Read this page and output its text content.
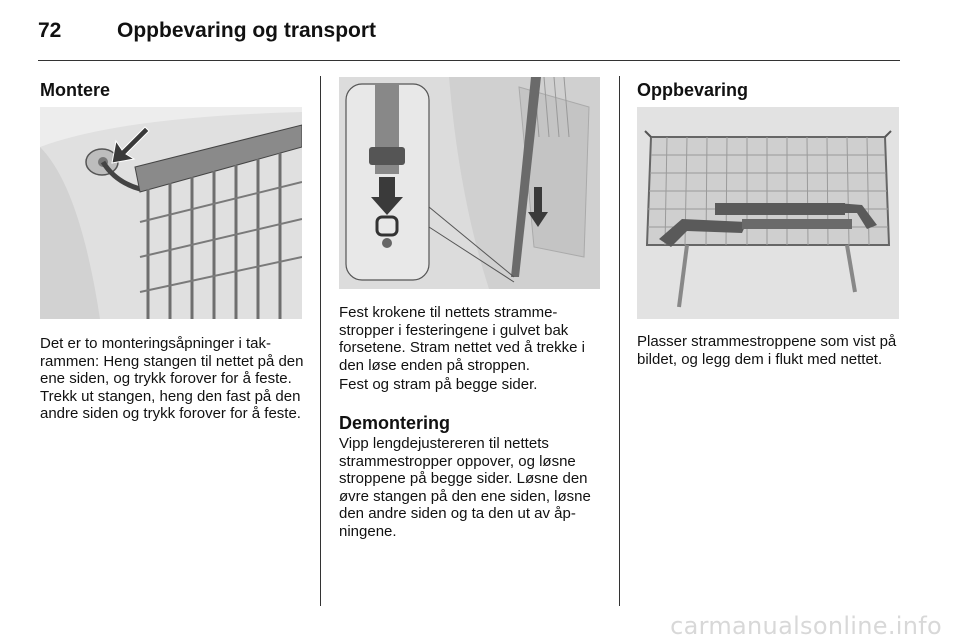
72	Oppbevaring og transport
Montere
Det er to monteringsåpninger i takrammen: Heng stangen til nettet på den ene siden, og trykk forover for å feste. Trekk ut stangen, heng den fast på den andre siden og trykk forover for å feste.
Fest krokene til nettets strammestropper i festeringene i gulvet bak forsetene. Stram nettet ved å trekke i den løse enden på stroppen.
Fest og stram på begge sider.
Demontering
Vipp lengdejustereren til nettets strammestropper oppover, og løsne stroppene på begge sider. Løsne den øvre stangen på den ene siden, løsne den andre siden og ta den ut av åpningene.
Oppbevaring
Plasser strammestroppene som vist på bildet, og legg dem i flukt med nettet.
carmanualsonline.info
